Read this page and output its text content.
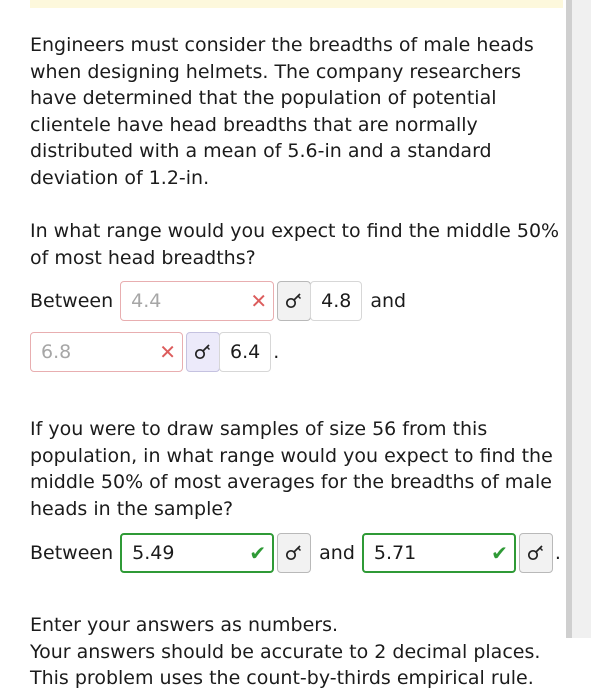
Engineers must consider the breadths of male heads when designing helmets. The company researchers have determined that the population of potential clientele have head breadths that are normally distributed with a mean of 5.6-in and a standard deviation of 1.2-in.

In what range would you expect to find the middle 50% of most head breadths?

Between 4.4	✕	4.8	and
6.8	✕	6.4 .

If you were to draw samples of size 56 from this population, in what range would you expect to find the middle 50% of most averages for the breadths of male heads in the sample?

Between 5.49	✔	and 5.71	✔ .
Enter your answers as numbers.
Your answers should be accurate to 2 decimal places.
This problem uses the count-by-thirds empirical rule.
